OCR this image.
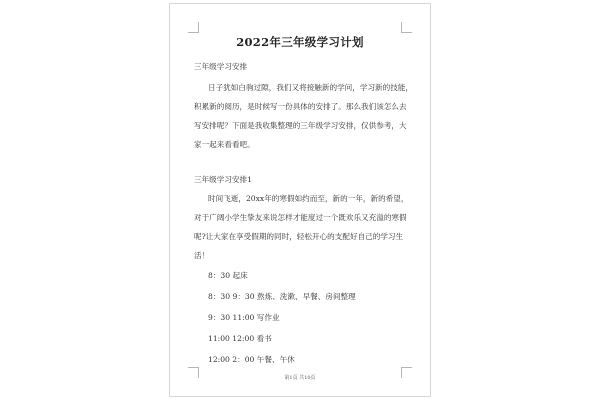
2022年三年级学习计划
三年级学习安排
日子犹如白驹过隙，我们又将接触新的学问，学习新的技能，
积累新的阅历，是时候写一份具体的安排了。那么我们该怎么去
写安排呢？下面是我收集整理的三年级学习安排，仅供参考，大
家一起来看看吧。
三年级学习安排1
时间飞逝，20xx年的寒假如约而至，新的一年，新的希望，
对于广阔小学生挚友来说怎样才能度过一个既欢乐又充溢的寒假
呢?让大家在享受假期的同时，轻松开心的支配好自己的学习生
活！
8：30 起床
8：30 9：30 熬炼、洗漱、早餐、房间整理
9：30 11:00 写作业
11:00 12:00 看书
12:00 2：00 午餐、午休
第1页 共10页
